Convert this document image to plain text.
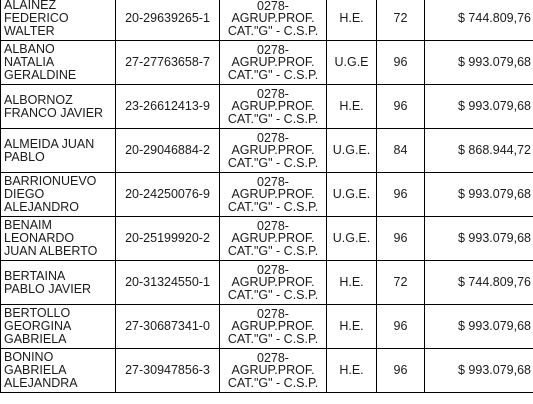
ALAINEZ
FEDERICO
WALTER	20-29639265-1	0278-
AGRUP.PROF.
CAT."G" - C.S.P.	H.E.	72	$ 744.809,76

ALBANO
NATALIA
GERALDINE	27-27763658-7	0278-
AGRUP.PROF.
CAT."G" - C.S.P.	U.G.E	96	$ 993.079,68

ALBORNOZ
FRANCO JAVIER	23-26612413-9	0278-
AGRUP.PROF.
CAT."G" - C.S.P.	H.E.	96	$ 993.079,68

ALMEIDA JUAN
PABLO	20-29046884-2	0278-
AGRUP.PROF.
CAT."G" - C.S.P.	U.G.E.	84	$ 868.944,72

BARRIONUEVO
DIEGO
ALEJANDRO	20-24250076-9	0278-
AGRUP.PROF.
CAT."G" - C.S.P.	U.G.E.	96	$ 993.079,68

BENAIM
LEONARDO
JUAN ALBERTO	20-25199920-2	0278-
AGRUP.PROF.
CAT."G" - C.S.P.	U.G.E.	96	$ 993.079,68

BERTAINA
PABLO JAVIER	20-31324550-1	0278-
AGRUP.PROF.
CAT."G" - C.S.P.	H.E.	72	$ 744.809,76

BERTOLLO
GEORGINA
GABRIELA	27-30687341-0	0278-
AGRUP.PROF.
CAT."G" - C.S.P.	H.E.	96	$ 993.079,68

BONINO
GABRIELA
ALEJANDRA	27-30947856-3	0278-
AGRUP.PROF.
CAT."G" - C.S.P.	H.E.	96	$ 993.079,68
